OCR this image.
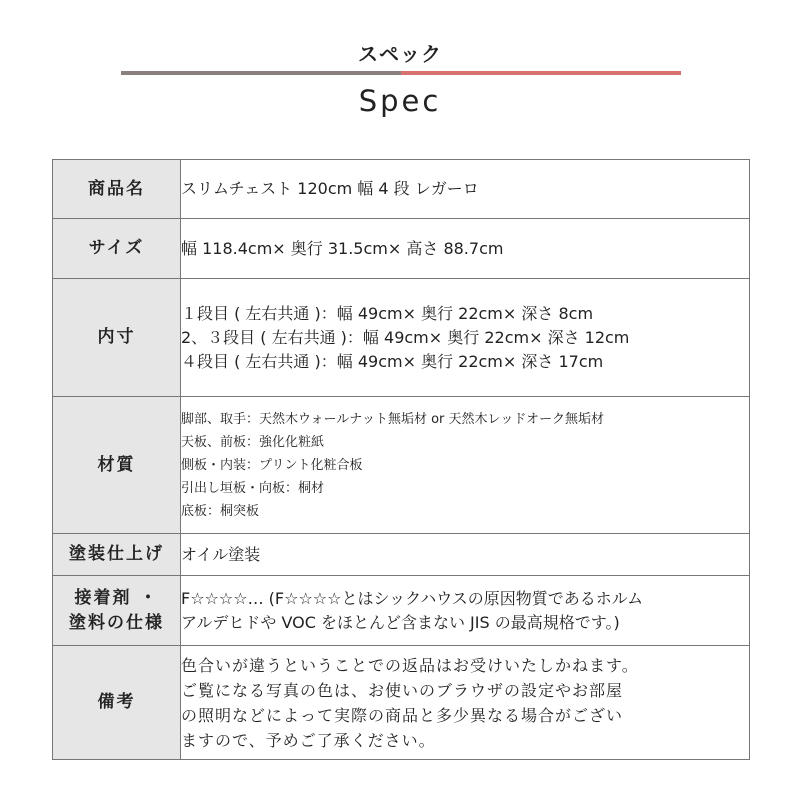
スペック
Spec
商品名	スリムチェスト 120cm 幅 4 段 レガーロ

サイズ	幅 118.4cm× 奥行 31.5cm× 高さ 88.7cm

内寸	１段目 ( 左右共通 )：幅 49cm× 奥行 22cm× 深さ 8cm
2、３段目 ( 左右共通 )：幅 49cm× 奥行 22cm× 深さ 12cm
４段目 ( 左右共通 )：幅 49cm× 奥行 22cm× 深さ 17cm

材質	脚部、取手：天然木ウォールナット無垢材 or 天然木レッドオーク無垢材
天板、前板：強化化粧紙
側板・内装：プリント化粧合板
引出し垣板・向板：桐材
底板：桐突板

塗装仕上げ	オイル塗装

接着剤 ・
塗料の仕様	F☆☆☆☆… (F☆☆☆☆とはシックハウスの原因物質であるホルム
アルデヒドや VOC をほとんど含まない JIS の最高規格です。)

備考	色合いが違うということでの返品はお受けいたしかねます。
ご覧になる写真の色は、お使いのブラウザの設定やお部屋
の照明などによって実際の商品と多少異なる場合がござい
ますので、予めご了承ください。
